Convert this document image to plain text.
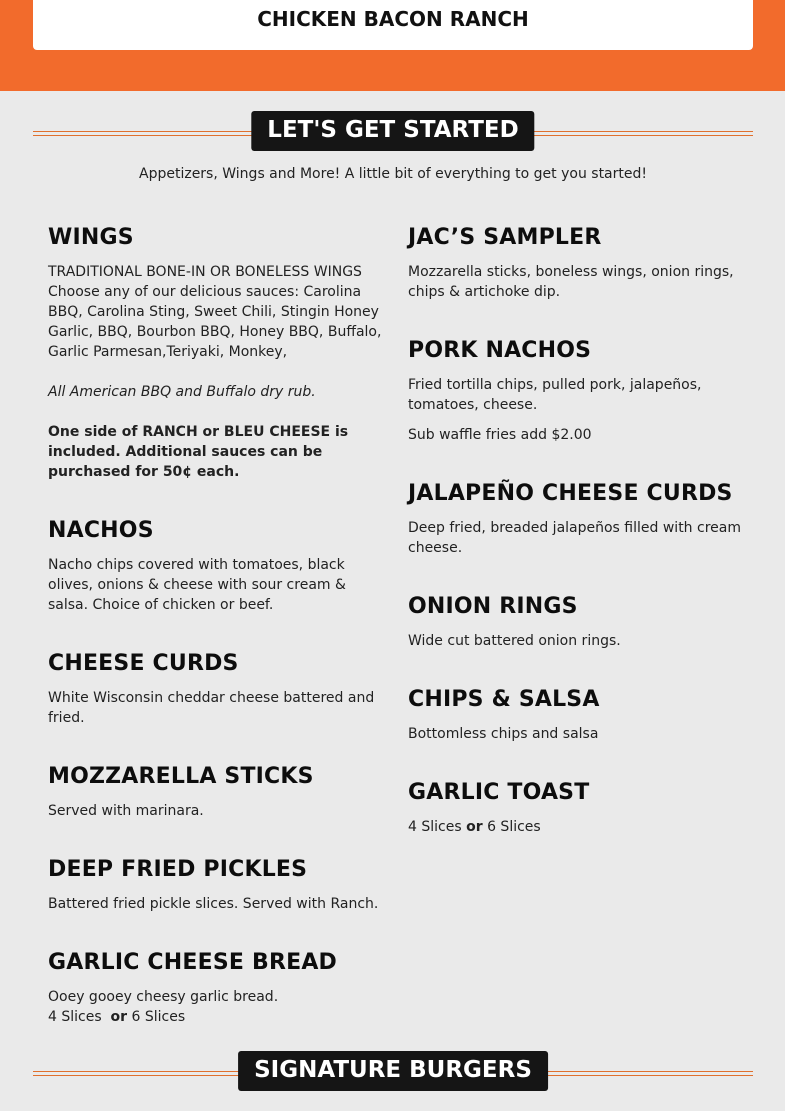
CHICKEN BACON RANCH
LET'S GET STARTED
Appetizers, Wings and More! A little bit of everything to get you started!
WINGS

TRADITIONAL BONE-IN OR BONELESS WINGS
Choose any of our delicious sauces: Carolina BBQ, Carolina Sting, Sweet Chili, Stingin Honey Garlic, BBQ, Bourbon BBQ, Honey BBQ, Buffalo, Garlic Parmesan,Teriyaki, Monkey,

All American BBQ and Buffalo dry rub.

One side of RANCH or BLEU CHEESE is included. Additional sauces can be purchased for 50¢ each.

NACHOS

Nacho chips covered with tomatoes, black olives, onions & cheese with sour cream & salsa. Choice of chicken or beef.

CHEESE CURDS

White Wisconsin cheddar cheese battered and fried.

MOZZARELLA STICKS

Served with marinara.

DEEP FRIED PICKLES

Battered fried pickle slices. Served with Ranch.

GARLIC CHEESE BREAD

Ooey gooey cheesy garlic bread.

4 Slices or 6 Slices

JAC’S SAMPLER

Mozzarella sticks, boneless wings, onion rings, chips & artichoke dip.

PORK NACHOS

Fried tortilla chips, pulled pork, jalapeños, tomatoes, cheese.

Sub waffle fries add $2.00

JALAPEÑO CHEESE CURDS

Deep fried, breaded jalapeños filled with cream cheese.

ONION RINGS

Wide cut battered onion rings.

CHIPS & SALSA

Bottomless chips and salsa

GARLIC TOAST

4 Slices or 6 Slices

SIGNATURE BURGERS
